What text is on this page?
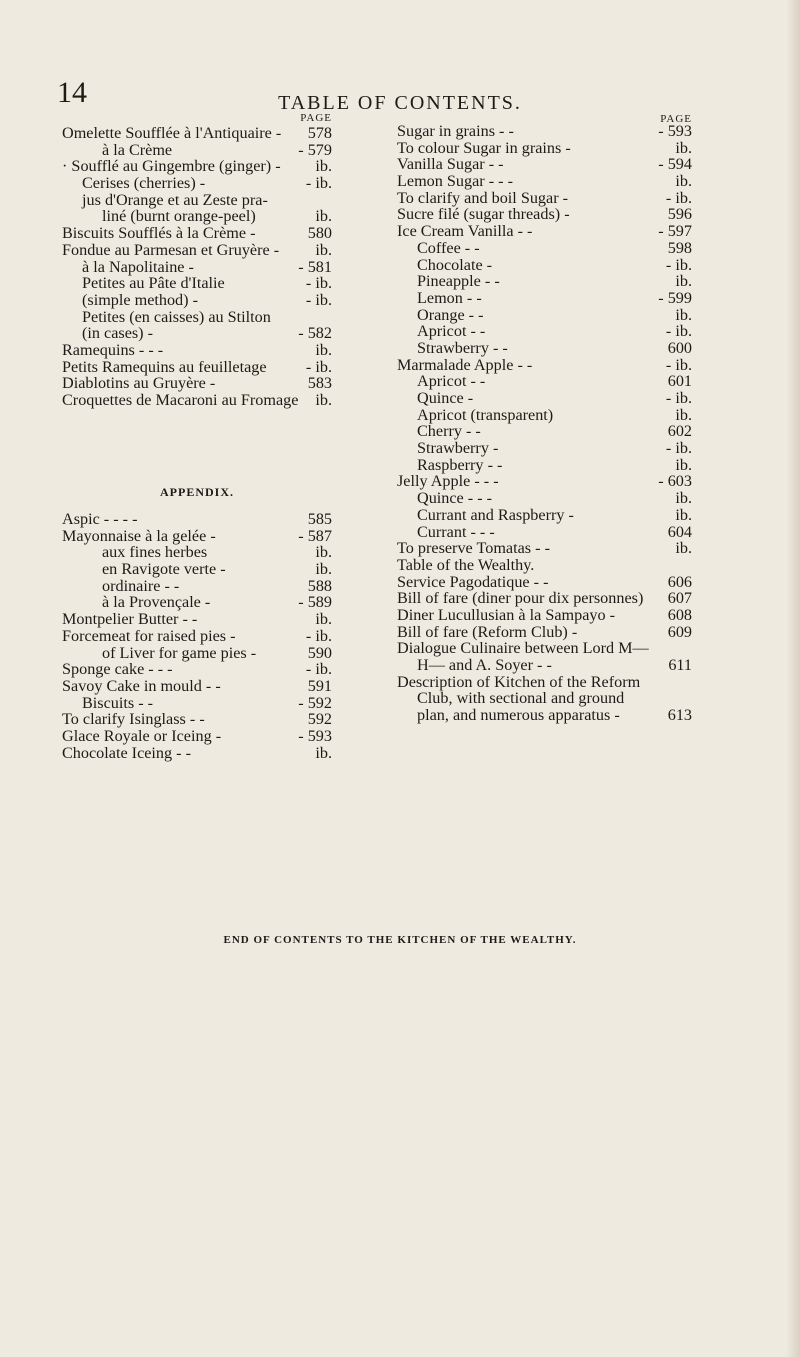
14	TABLE OF CONTENTS.
PAGE
Omelette Soufflée à l'Antiquaire - 578
à la Crème	- 579
· Soufflé au Gingembre (ginger) - ib.
Cerises (cherries) -	- ib.
jus d'Orange et au Zeste pra-
liné (burnt orange-peel)	ib.
Biscuits Soufflés à la Crème -	580
Fondue au Parmesan et Gruyère - ib.
à la Napolitaine -	- 581
Petites au Pâte d'Italie	- ib.
(simple method) -	- ib.
Petites (en caisses) au Stilton
(in cases) -	- 582
Ramequins - - -	ib.
Petits Ramequins au feuilletage - ib.
Diablotins au Gruyère -	583
Croquettes de Macaroni au Fromage ib.
APPENDIX.
Aspic - - - -	585
Mayonnaise à la gelée -	- 587
aux fines herbes	ib.
en Ravigote verte -	ib.
ordinaire - -	588
à la Provençale -	- 589
Montpelier Butter - -	ib.
Forcemeat for raised pies -	- ib.
of Liver for game pies -	590
Sponge cake - - -	- ib.
Savoy Cake in mould - -	591
Biscuits - -	- 592
To clarify Isinglass - -	592
Glace Royale or Iceing -	- 593
Chocolate Iceing - -	ib.
PAGE
Sugar in grains - -	- 593
To colour Sugar in grains -	ib.
Vanilla Sugar - -	- 594
Lemon Sugar - - -	ib.
To clarify and boil Sugar -	- ib.
Sucre filé (sugar threads) -	596
Ice Cream Vanilla - -	- 597
Coffee - -	598
Chocolate -	- ib.
Pineapple - -	ib.
Lemon - -	- 599
Orange - -	ib.
Apricot - -	- ib.
Strawberry - -	600
Marmalade Apple - -	- ib.
Apricot - -	601
Quince -	- ib.
Apricot (transparent)	ib.
Cherry - -	602
Strawberry -	- ib.
Raspberry - -	ib.
Jelly Apple - - -	- 603
Quince - - -	ib.
Currant and Raspberry -	ib.
Currant - - -	604
To preserve Tomatas - -	ib.
Table of the Wealthy.
Service Pagodatique - -	606
Bill of fare (diner pour dix personnes) 607
Diner Lucullusian à la Sampayo -	608
Bill of fare (Reform Club) -	609
Dialogue Culinaire between Lord M—
H— and A. Soyer - -	611
Description of Kitchen of the Reform
Club, with sectional and ground
plan, and numerous apparatus -	613
END OF CONTENTS TO THE KITCHEN OF THE WEALTHY.
